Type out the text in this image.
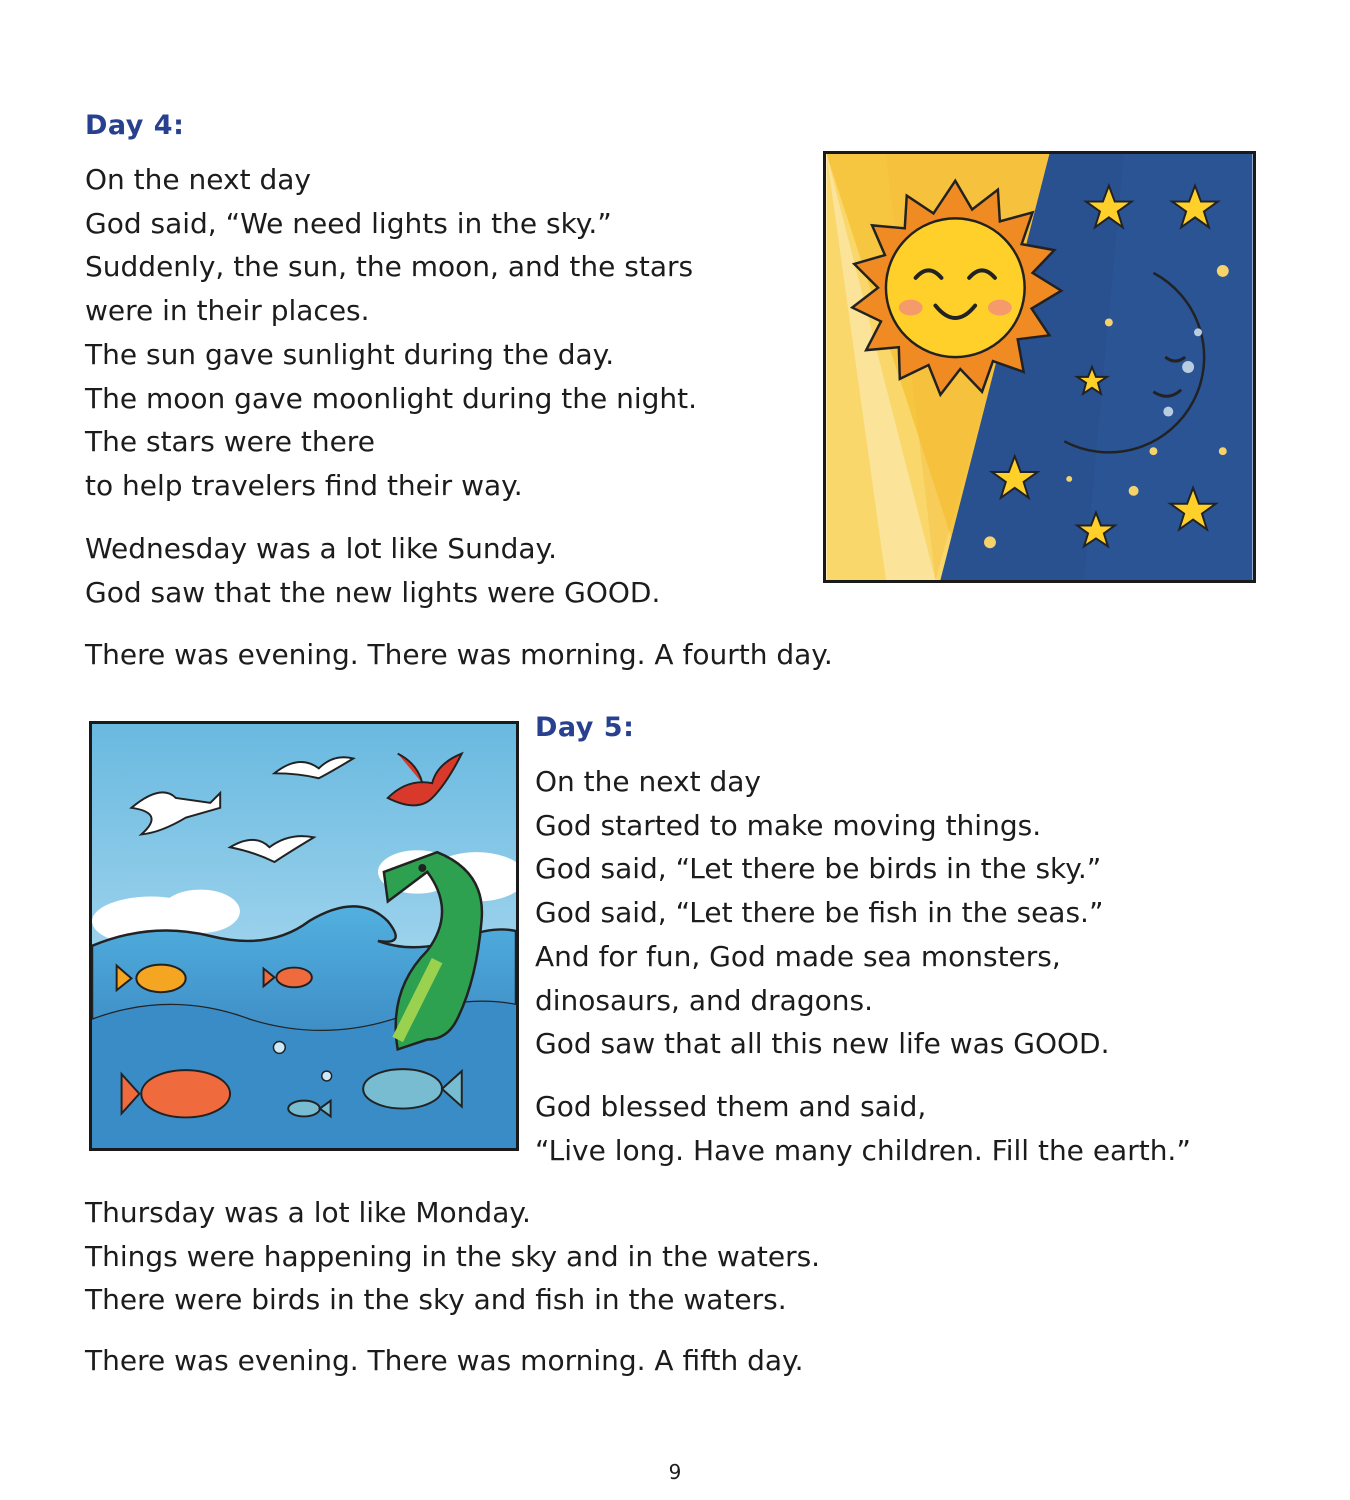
Day 4:
On the next day
God said, “We need lights in the sky.”
Suddenly, the sun, the moon, and the stars
were in their places.
The sun gave sunlight during the day.
The moon gave moonlight during the night.
The stars were there
to help travelers find their way.
Wednesday was a lot like Sunday.
God saw that the new lights were GOOD.
There was evening. There was morning. A fourth day.
Day 5:
On the next day
God started to make moving things.
God said, “Let there be birds in the sky.”
God said, “Let there be fish in the seas.”
And for fun, God made sea monsters,
dinosaurs, and dragons.
God saw that all this new life was GOOD.
God blessed them and said,
“Live long. Have many children. Fill the earth.”
Thursday was a lot like Monday.
Things were happening in the sky and in the waters.
There were birds in the sky and fish in the waters.
There was evening. There was morning. A fifth day.
9
